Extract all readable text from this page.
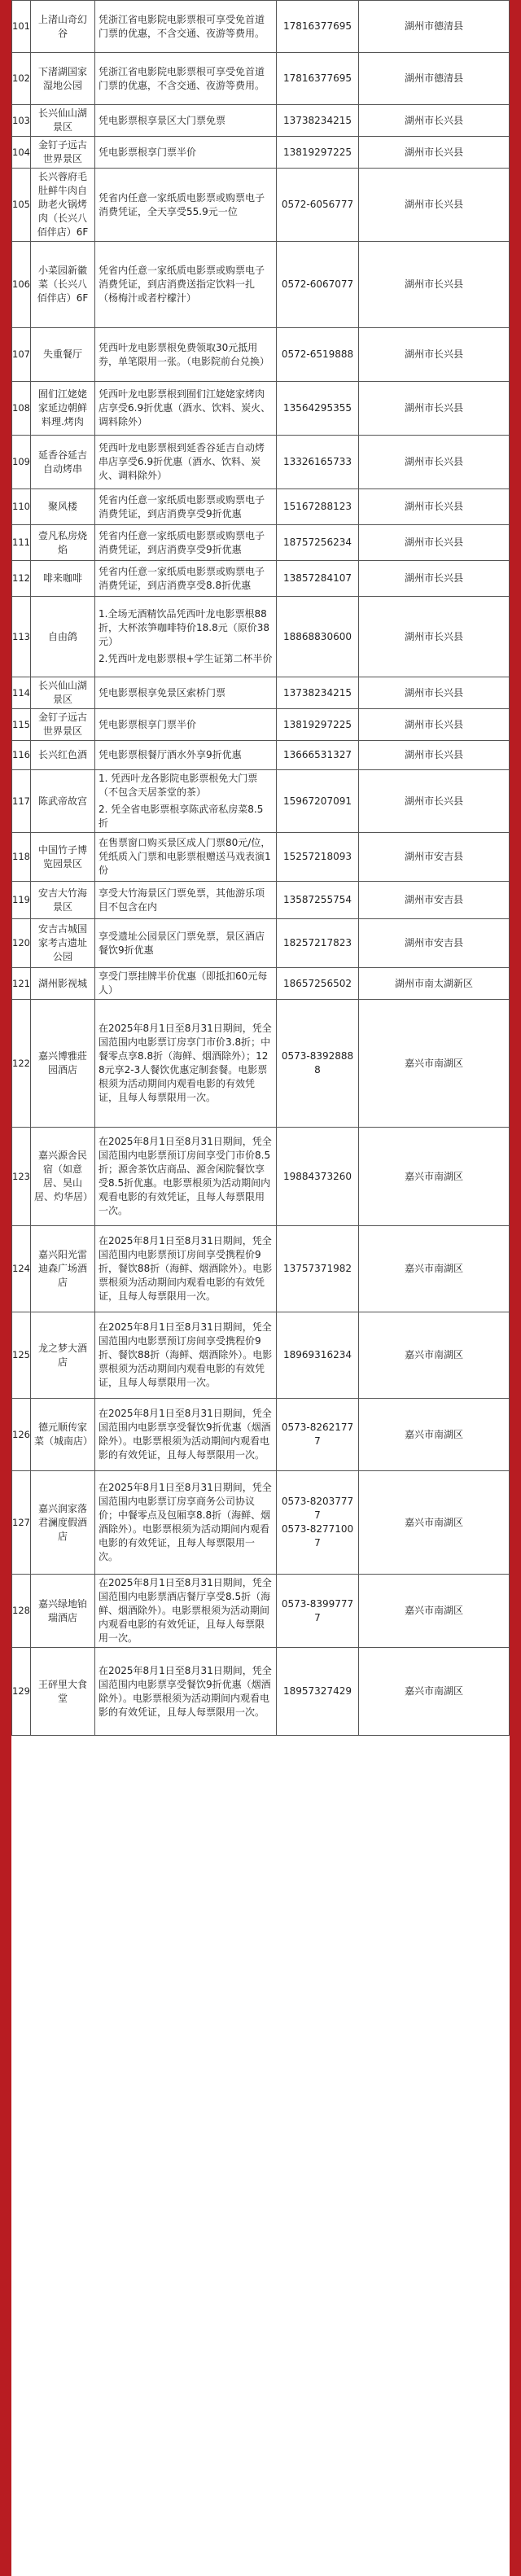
101	上渚山奇幻谷	凭浙江省电影院电影票根可享受免首道门票的优惠，不含交通、夜游等费用。	17816377695	湖州市德清县
102	下渚湖国家湿地公园	凭浙江省电影院电影票根可享受免首道门票的优惠，不含交通、夜游等费用。	17816377695	湖州市德清县
103	长兴仙山湖景区	凭电影票根享景区大门票免票	13738234215	湖州市长兴县
104	金钉子远古世界景区	凭电影票根享门票半价	13819297225	湖州市长兴县
105	长兴蓉府毛肚鲜牛肉自助老火锅烤肉（长兴八佰伴店）6F	凭省内任意一家纸质电影票或购票电子消费凭证，全天享受55.9元一位	0572-6056777	湖州市长兴县
106	小菜园新徽菜（长兴八佰伴店）6F	凭省内任意一家纸质电影票或购票电子消费凭证，到店消费送指定饮料一扎（杨梅汁或者柠檬汁）	0572-6067077	湖州市长兴县
107	失重餐厅	凭西叶龙电影票根免费领取30元抵用券，单笔限用一张。（电影院前台兑换）	0572-6519888	湖州市长兴县
108	囿们江姥姥家延边朝鲜料理.烤肉	凭西叶龙电影票根到囿们江姥姥家烤肉店享受6.9折优惠（酒水、饮料、炭火、调料除外）	13564295355	湖州市长兴县
109	延香谷延吉自动烤串	凭西叶龙电影票根到延香谷延吉自动烤串店享受6.9折优惠（酒水、饮料、炭火、调料除外）	13326165733	湖州市长兴县
110	聚风楼	凭省内任意一家纸质电影票或购票电子消费凭证，到店消费享受9折优惠	15167288123	湖州市长兴县
111	壹凡私房烧焰	凭省内任意一家纸质电影票或购票电子消费凭证，到店消费享受9折优惠	18757256234	湖州市长兴县
112	啡来咖啡	凭省内任意一家纸质电影票或购票电子消费凭证，到店消费享受8.8折优惠	13857284107	湖州市长兴县
113	自由鸽	1.全场无酒精饮品凭西叶龙电影票根88折，大杯浓笋咖啡特价18.8元（原价38元）
2.凭西叶龙电影票根+学生证第二杯半价	18868830600	湖州市长兴县
114	长兴仙山湖景区	凭电影票根享免景区索桥门票	13738234215	湖州市长兴县
115	金钉子远古世界景区	凭电影票根享门票半价	13819297225	湖州市长兴县
116	长兴红色酒	凭电影票根餐厅酒水外享9折优惠	13666531327	湖州市长兴县
117	陈武帝故宫	1. 凭西叶龙各影院电影票根免大门票（不包含天居茶堂的茶）
2. 凭全省电影票根享陈武帝私房菜8.5折	15967207091	湖州市长兴县
118	中国竹子博览园景区	在售票窗口购买景区成人门票80元/位，凭纸质入门票和电影票根赠送马戏表演1份	15257218093	湖州市安吉县
119	安吉大竹海景区	享受大竹海景区门票免票，其他游乐项目不包含在内	13587255754	湖州市安吉县
120	安吉古城国家考古遗址公园	享受遗址公园景区门票免票，景区酒店餐饮9折优惠	18257217823	湖州市安吉县
121	湖州影视城	享受门票挂牌半价优惠（即抵扣60元每人）	18657256502	湖州市南太湖新区
122	嘉兴博雅莊园酒店	在2025年8月1日至8月31日期间，凭全国范围内电影票订房享门市价3.8折；中餐零点享8.8折（海鲜、烟酒除外）；128元享2-3人餐饮优惠定制套餐。电影票根须为活动期间内观看电影的有效凭证，且每人每票限用一次。	0573-83928888	嘉兴市南湖区
123	嘉兴源舍民宿（如意居、昊山居、灼华居）	在2025年8月1日至8月31日期间，凭全国范围内电影票预订房间享受门市价8.5折；源舍茶饮店商品、源舍闲院餐饮享受8.5折优惠。电影票根须为活动期间内观看电影的有效凭证，且每人每票限用一次。	19884373260	嘉兴市南湖区
124	嘉兴阳光雷迪森广场酒店	在2025年8月1日至8月31日期间，凭全国范围内电影票预订房间享受携程价9折，餐饮88折（海鲜、烟酒除外）。电影票根须为活动期间内观看电影的有效凭证，且每人每票限用一次。	13757371982	嘉兴市南湖区
125	龙之梦大酒店	在2025年8月1日至8月31日期间，凭全国范围内电影票预订房间享受携程价9折、餐饮88折（海鲜、烟酒除外）。电影票根须为活动期间内观看电影的有效凭证，且每人每票限用一次。	18969316234	嘉兴市南湖区
126	德元顺传家菜（城南店）	在2025年8月1日至8月31日期间，凭全国范围内电影票享受餐饮9折优惠（烟酒除外）。电影票根须为活动期间内观看电影的有效凭证，且每人每票限用一次。	0573-82621777	嘉兴市南湖区
127	嘉兴润家落君澜度假酒店	在2025年8月1日至8月31日期间，凭全国范围内电影票订房享商务公司协议价；中餐零点及包厢享8.8折（海鲜、烟酒除外）。电影票根须为活动期间内观看电影的有效凭证，且每人每票限用一次。	0573-82037777
0573-82771007	嘉兴市南湖区
128	嘉兴绿地铂瑞酒店	在2025年8月1日至8月31日期间，凭全国范围内电影票酒店餐厅享受8.5折（海鲜、烟酒除外）。电影票根须为活动期间内观看电影的有效凭证，且每人每票限用一次。	0573-83997777	嘉兴市南湖区
129	王砰里大食堂	在2025年8月1日至8月31日期间，凭全国范围内电影票享受餐饮9折优惠（烟酒除外）。电影票根须为活动期间内观看电影的有效凭证，且每人每票限用一次。	18957327429	嘉兴市南湖区
